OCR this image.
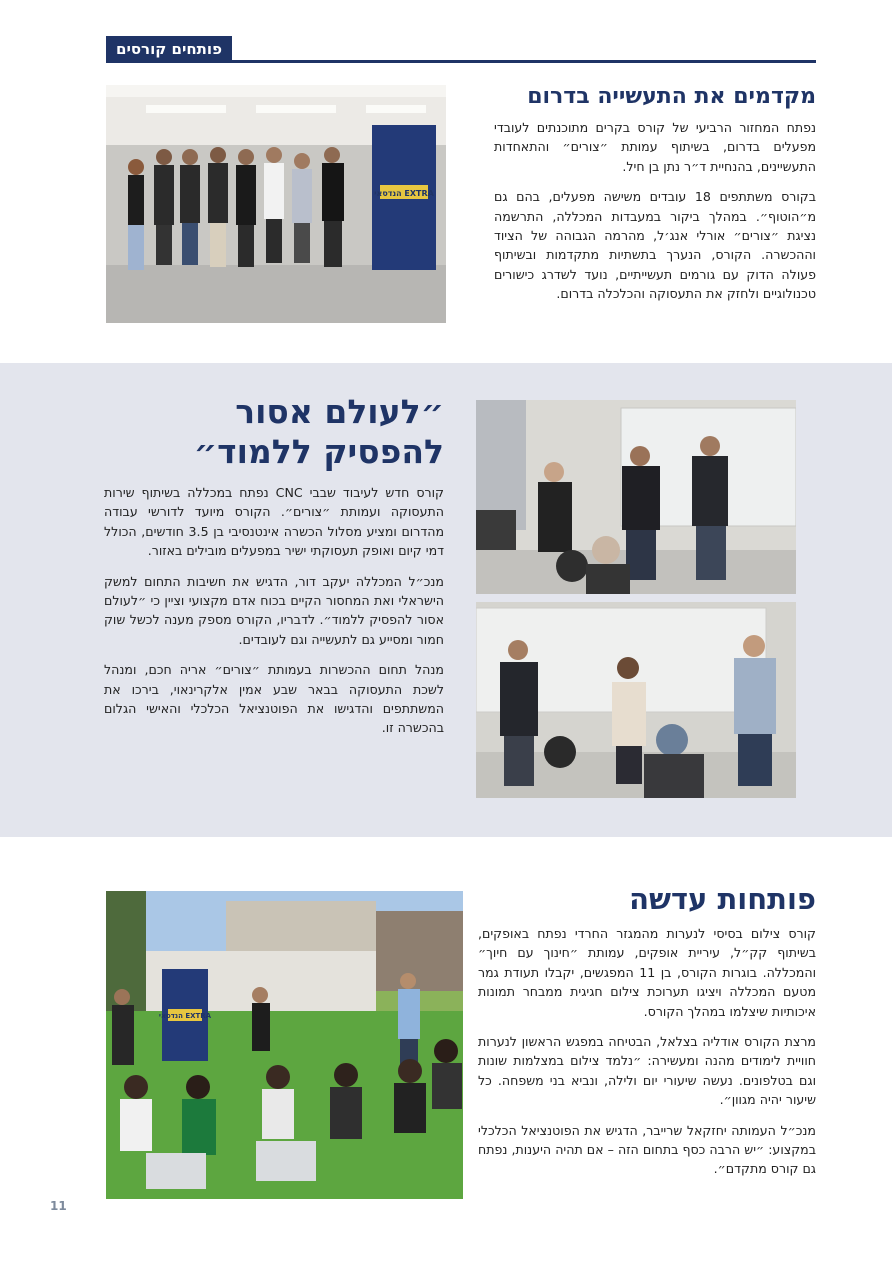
פותחים קורסים
מקדמים את התעשייה בדרום

נפתח המחזור הרביעי של קורס בקרים מתוכנתים לעובדי מפעלים בדרום, בשיתוף עמותת ״צורים״ והתאחדות התעשיינים, בהנחיית ד״ר נתן בן חיל.

בקורס משתתפים 18 עובדים משישה מפעלים, בהם גם מ״הוטוף״. במהלך ביקור במעבדות המכללה, התרשמה נציגת ״צורים״ אורלי אנג׳ל, מהרמה הגבוהה של הציוד וההכשרה. הקורס, הנערך בתשתיות מתקדמות ובשיתוף פעולה הדוק עם גורמים תעשייתיים, נועד לשדרג כישורים טכנולוגיים ולחזק את התעסוקה והכלכלה בדרום.

הנדסאי EXTRA
״לעולם אסור
להפסיק ללמוד״

קורס חדש לעיבוד שבבי CNC נפתח במכללה בשיתוף שירות התעסוקה ועמותת ״צורים״. הקורס מיועד לדורשי עבודה מהדרום ומציע מסלול הכשרה אינטנסיבי בן 3.5 חודשים, הכולל דמי קיום ואופק תעסוקתי ישיר במפעלים מובילים באזור.

מנכ״ל המכללה יעקב דור, הדגיש את חשיבות התחום למשק הישראלי ואת המחסור הקיים בכוח אדם מקצועי וציין כי ״לעולם אסור להפסיק ללמוד״. לדבריו, הקורס מספק מענה לכשל שוק חמור ומסייע גם לתעשייה וגם לעובדים.

מנהל תחום ההכשרות בעמותת ״צורים״ אריה חכם, ומנהל לשכת התעסוקה בבאר שבע אמין אלקרינאוי, בירכו את המשתתפים והדגישו את הפוטנציאל הכלכלי והאישי הגלום בהכשרה זו.

פותחות עדשה

קורס צילום בסיסי לנערות מהמגזר החרדי נפתח באופקים, בשיתוף קק״ל, עיריית אופקים, עמותת ״חינוך עם חיוך״ והמכללה. בוגרות הקורס, בן 11 המפגשים, יקבלו תעודת גמר מטעם המכללה ויציגו תערוכת צילום חגיגית ממבחר תמונות איכותיות שיצלמו במהלך הקורס.

מרצת הקורס אודליה בצלאל, הבטיחה במפגש הראשון לנערות חוויית לימודים מהנה ומעשירה: ״נלמד צילום במצלמות שונות וגם בטלפונים. נעשה שיעורי יום ולילה, ונביא בני משפחה. כל שיעור יהיה מגוון״.

מנכ״ל העמותה יחזקאל שרייבר, הדגיש את הפוטנציאל הכלכלי במקצוע: ״יש הרבה כסף בתחום הזה – אם תהיה היענות, נפתח גם קורס מתקדם״.

הנדסאי EXTRA
11
